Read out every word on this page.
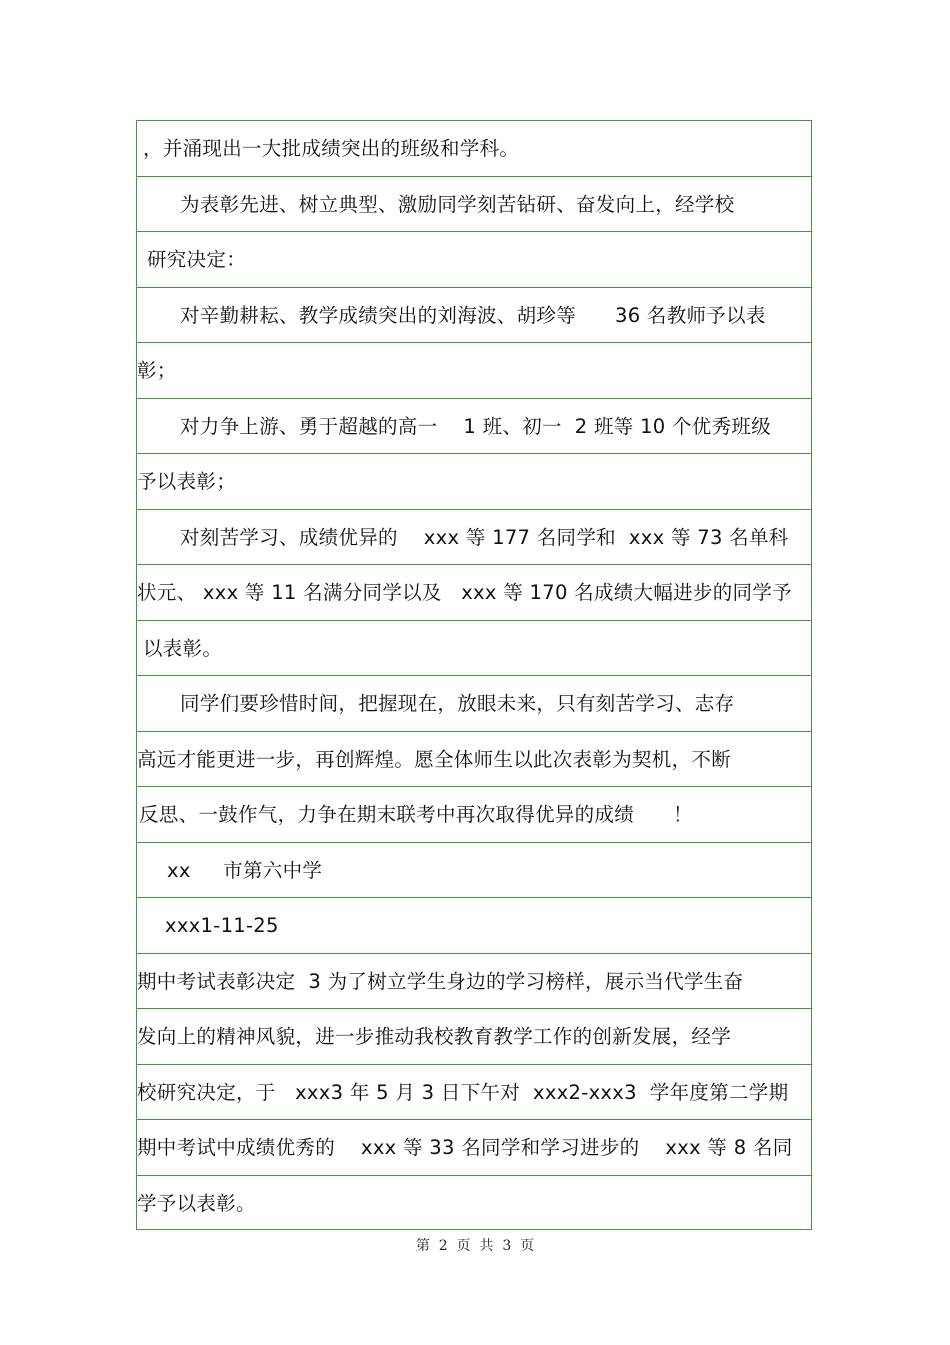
，并涌现出一大批成绩突出的班级和学科。
为表彰先进、树立典型、激励同学刻苦钻研、奋发向上，经学校
研究决定：
对辛勤耕耘、教学成绩突出的刘海波、胡珍等      36 名教师予以表
彰；
对力争上游、勇于超越的高一    1 班、初一  2 班等 10 个优秀班级
予以表彰；
对刻苦学习、成绩优异的    xxx 等 177 名同学和  xxx 等 73 名单科
状元、 xxx 等 11 名满分同学以及   xxx 等 170 名成绩大幅进步的同学予
以表彰。
同学们要珍惜时间，把握现在，放眼未来，只有刻苦学习、志存
高远才能更进一步，再创辉煌。愿全体师生以此次表彰为契机，不断
反思、一鼓作气，力争在期末联考中再次取得优异的成绩      ！
xx     市第六中学
xxx1-11-25
期中考试表彰决定  3 为了树立学生身边的学习榜样，展示当代学生奋
发向上的精神风貌，进一步推动我校教育教学工作的创新发展，经学
校研究决定，于   xxx3 年 5 月 3 日下午对  xxx2-xxx3  学年度第二学期
期中考试中成绩优秀的    xxx 等 33 名同学和学习进步的    xxx 等 8 名同
学予以表彰。
第  2  页  共  3  页
